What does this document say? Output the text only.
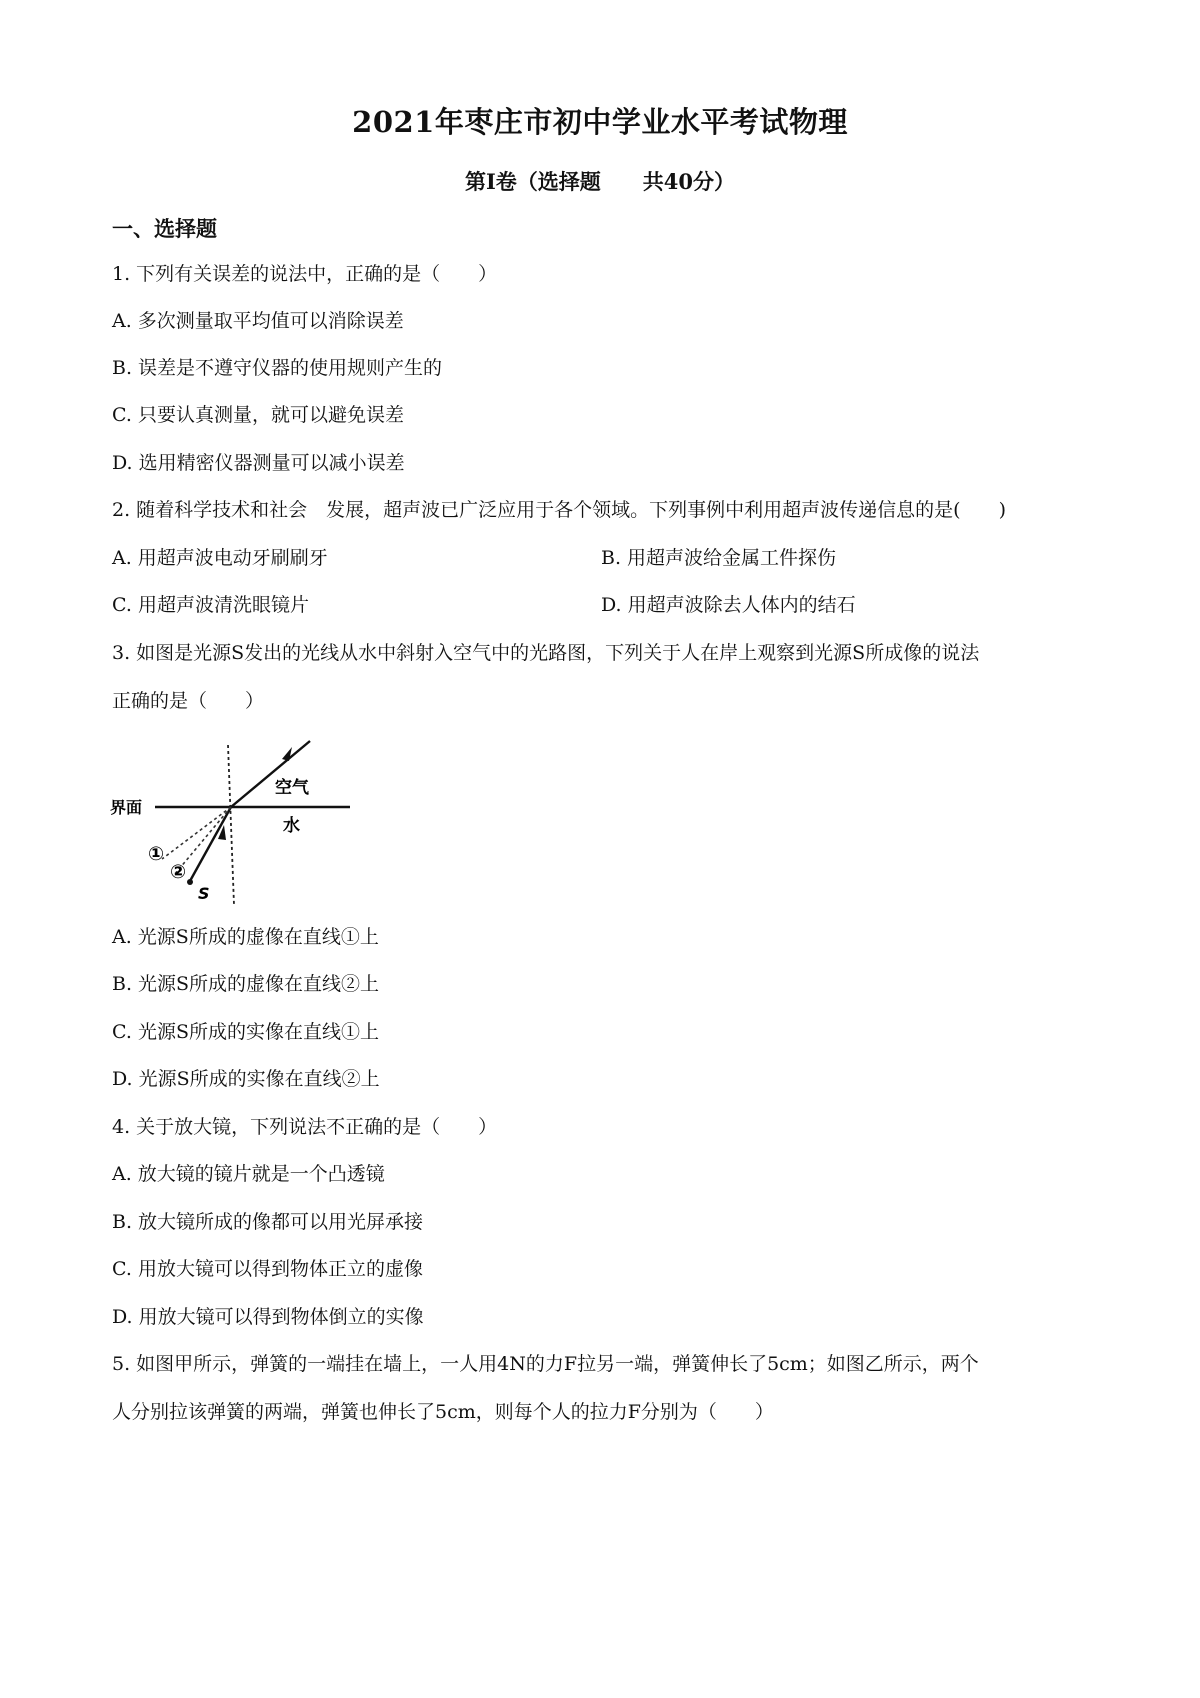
2021年枣庄市初中学业水平考试物理
第Ⅰ卷（选择题　　共40分）
一、选择题
1. 下列有关误差的说法中，正确的是（　　）
A. 多次测量取平均值可以消除误差
B. 误差是不遵守仪器的使用规则产生的
C. 只要认真测量，就可以避免误差
D. 选用精密仪器测量可以减小误差
2. 随着科学技术和社会　发展，超声波已广泛应用于各个领域。下列事例中利用超声波传递信息的是(　　)
A. 用超声波电动牙刷刷牙	B. 用超声波给金属工件探伤
C. 用超声波清洗眼镜片	D. 用超声波除去人体内的结石
3. 如图是光源S发出的光线从水中斜射入空气中的光路图，下列关于人在岸上观察到光源S所成像的说法
正确的是（　　）
界面
空气
水
①
②
S
A. 光源S所成的虚像在直线①上
B. 光源S所成的虚像在直线②上
C. 光源S所成的实像在直线①上
D. 光源S所成的实像在直线②上
4. 关于放大镜，下列说法不正确的是（　　）
A. 放大镜的镜片就是一个凸透镜
B. 放大镜所成的像都可以用光屏承接
C. 用放大镜可以得到物体正立的虚像
D. 用放大镜可以得到物体倒立的实像
5. 如图甲所示，弹簧的一端挂在墙上，一人用4N的力F拉另一端，弹簧伸长了5cm；如图乙所示，两个
人分别拉该弹簧的两端，弹簧也伸长了5cm，则每个人的拉力F分别为（　　）
